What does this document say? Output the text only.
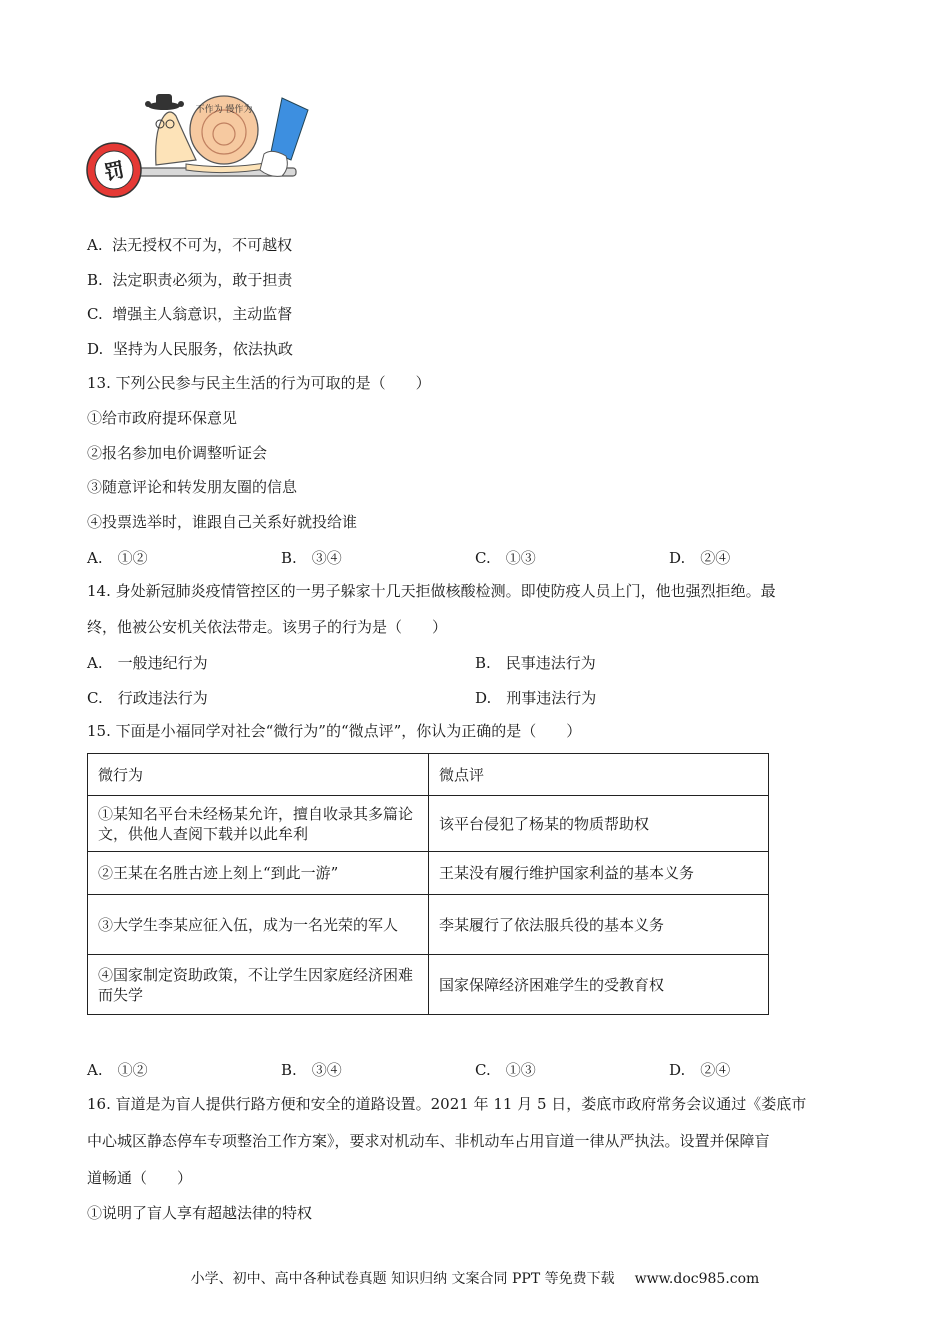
罚
不作为 慢作为
A. 法无授权不可为，不可越权
B. 法定职责必须为，敢于担责
C. 增强主人翁意识，主动监督
D. 坚持为人民服务，依法执政
13. 下列公民参与民主生活的行为可取的是（　　）
①给市政府提环保意见
②报名参加电价调整听证会
③随意评论和转发朋友圈的信息
④投票选举时，谁跟自己关系好就投给谁
A.　①②	B.　③④	C.　①③	D.　②④
14. 身处新冠肺炎疫情管控区的一男子躲家十几天拒做核酸检测。即使防疫人员上门，他也强烈拒绝。最
终，他被公安机关依法带走。该男子的行为是（　　）
A.　一般违纪行为	B.　民事违法行为
C.　行政违法行为	D.　刑事违法行为
15. 下面是小福同学对社会“微行为”的“微点评”，你认为正确的是（　　）
微行为	微点评
①某知名平台未经杨某允许，擅自收录其多篇论文，供他人查阅下载并以此牟利	该平台侵犯了杨某的物质帮助权
②王某在名胜古迹上刻上“到此一游”	王某没有履行维护国家利益的基本义务
③大学生李某应征入伍，成为一名光荣的军人	李某履行了依法服兵役的基本义务
④国家制定资助政策，不让学生因家庭经济困难而失学	国家保障经济困难学生的受教育权
A.　①②	B.　③④	C.　①③	D.　②④
16. 盲道是为盲人提供行路方便和安全的道路设置。2021 年 11 月 5 日，娄底市政府常务会议通过《娄底市
中心城区静态停车专项整治工作方案》，要求对机动车、非机动车占用盲道一律从严执法。设置并保障盲
道畅通（　　）
①说明了盲人享有超越法律的特权
小学、初中、高中各种试卷真题 知识归纳 文案合同 PPT 等免费下载 www.doc985.com
